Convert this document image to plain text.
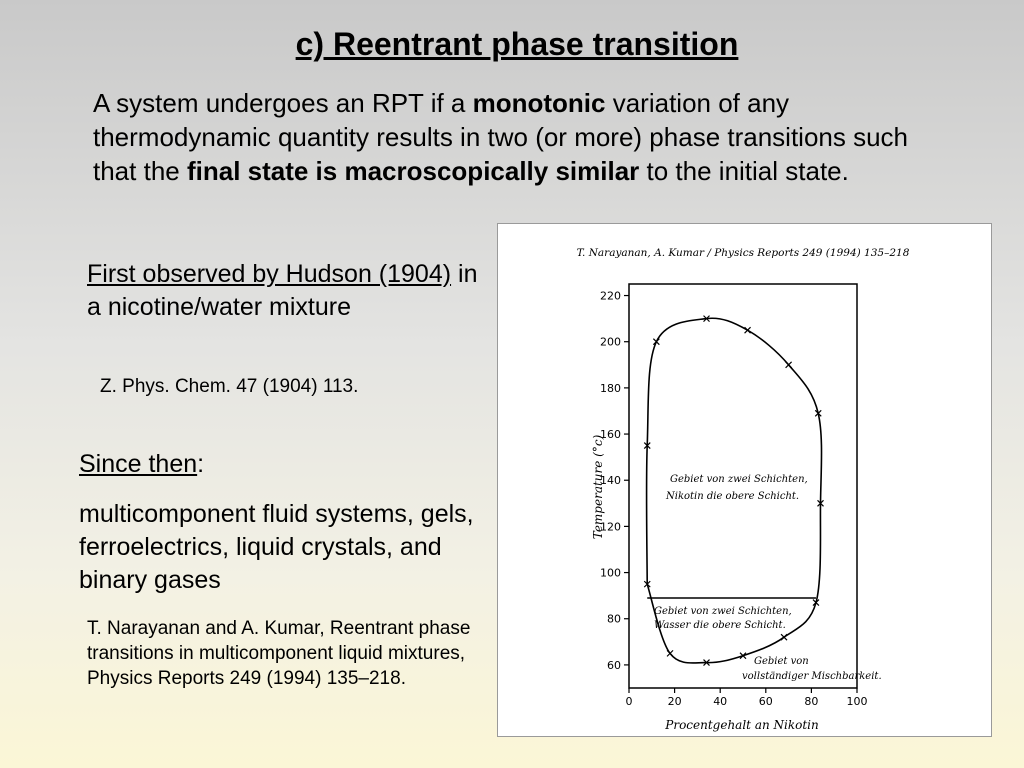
c) Reentrant phase transition
A system undergoes an RPT if a monotonic variation of any thermodynamic quantity results in two (or more) phase transitions such that the final state is macroscopically similar to the initial state.
First observed by Hudson (1904) in a nicotine/water mixture
Z. Phys. Chem. 47 (1904) 113.
Since then:
multicomponent fluid systems, gels, ferroelectrics, liquid crystals, and binary gases
T. Narayanan and A. Kumar, Reentrant phase transitions in multicomponent liquid mixtures, Physics Reports 249 (1994) 135–218.
T. Narayanan, A. Kumar / Physics Reports 249 (1994) 135–218
60
80
100
120
140
160
180
200
220
0	20	40	60	80	100
Temperature (°c)
Procentgehalt an Nikotin
Gebiet von zwei Schichten,
Nikotin die obere Schicht.
Gebiet von zwei Schichten,
Wasser die obere Schicht.
Gebiet von
vollständiger Mischbarkeit.
